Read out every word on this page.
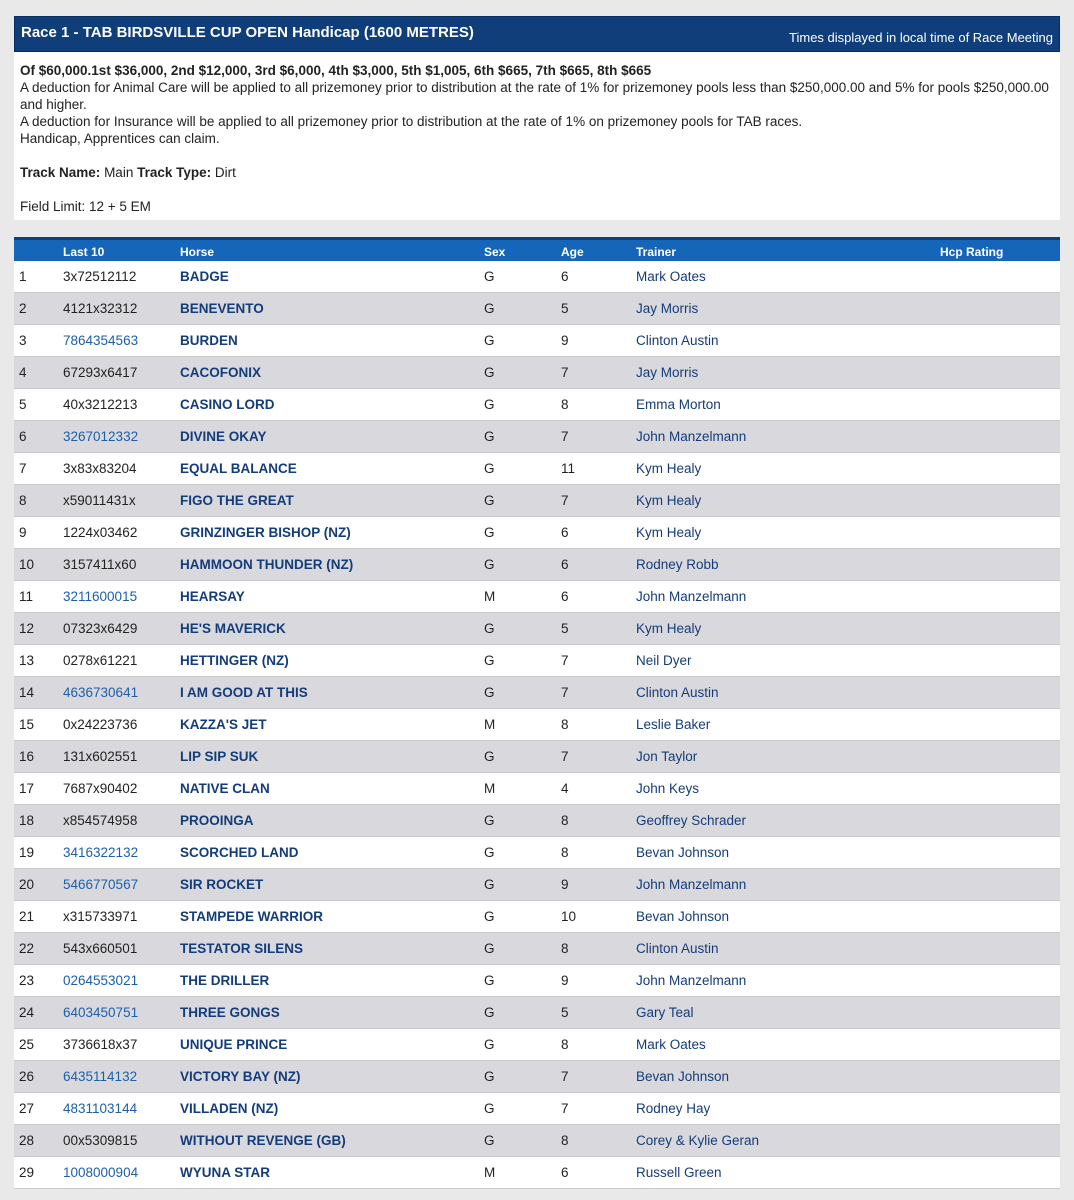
Race 1 - TAB BIRDSVILLE CUP OPEN Handicap (1600 METRES)	Times displayed in local time of Race Meeting

Of $60,000.1st $36,000, 2nd $12,000, 3rd $6,000, 4th $3,000, 5th $1,005, 6th $665, 7th $665, 8th $665

A deduction for Animal Care will be applied to all prizemoney prior to distribution at the rate of 1% for prizemoney pools less than $250,000.00 and 5% for pools $250,000.00 and higher.

A deduction for Insurance will be applied to all prizemoney prior to distribution at the rate of 1% on prizemoney pools for TAB races.

Handicap, Apprentices can claim.

Track Name: Main Track Type: Dirt

Field Limit: 12 + 5 EM

	Last 10	Horse	Sex	Age	Trainer	Hcp Rating
1	3x72512112	BADGE	G	6	Mark Oates	
2	4121x32312	BENEVENTO	G	5	Jay Morris	
3	7864354563	BURDEN	G	9	Clinton Austin	
4	67293x6417	CACOFONIX	G	7	Jay Morris	
5	40x3212213	CASINO LORD	G	8	Emma Morton	
6	3267012332	DIVINE OKAY	G	7	John Manzelmann	
7	3x83x83204	EQUAL BALANCE	G	11	Kym Healy	
8	x59011431x	FIGO THE GREAT	G	7	Kym Healy	
9	1224x03462	GRINZINGER BISHOP (NZ)	G	6	Kym Healy	
10	3157411x60	HAMMOON THUNDER (NZ)	G	6	Rodney Robb	
11	3211600015	HEARSAY	M	6	John Manzelmann	
12	07323x6429	HE'S MAVERICK	G	5	Kym Healy	
13	0278x61221	HETTINGER (NZ)	G	7	Neil Dyer	
14	4636730641	I AM GOOD AT THIS	G	7	Clinton Austin	
15	0x24223736	KAZZA'S JET	M	8	Leslie Baker	
16	131x602551	LIP SIP SUK	G	7	Jon Taylor	
17	7687x90402	NATIVE CLAN	M	4	John Keys	
18	x854574958	PROOINGA	G	8	Geoffrey Schrader	
19	3416322132	SCORCHED LAND	G	8	Bevan Johnson	
20	5466770567	SIR ROCKET	G	9	John Manzelmann	
21	x315733971	STAMPEDE WARRIOR	G	10	Bevan Johnson	
22	543x660501	TESTATOR SILENS	G	8	Clinton Austin	
23	0264553021	THE DRILLER	G	9	John Manzelmann	
24	6403450751	THREE GONGS	G	5	Gary Teal	
25	3736618x37	UNIQUE PRINCE	G	8	Mark Oates	
26	6435114132	VICTORY BAY (NZ)	G	7	Bevan Johnson	
27	4831103144	VILLADEN (NZ)	G	7	Rodney Hay	
28	00x5309815	WITHOUT REVENGE (GB)	G	8	Corey & Kylie Geran	
29	1008000904	WYUNA STAR	M	6	Russell Green	
